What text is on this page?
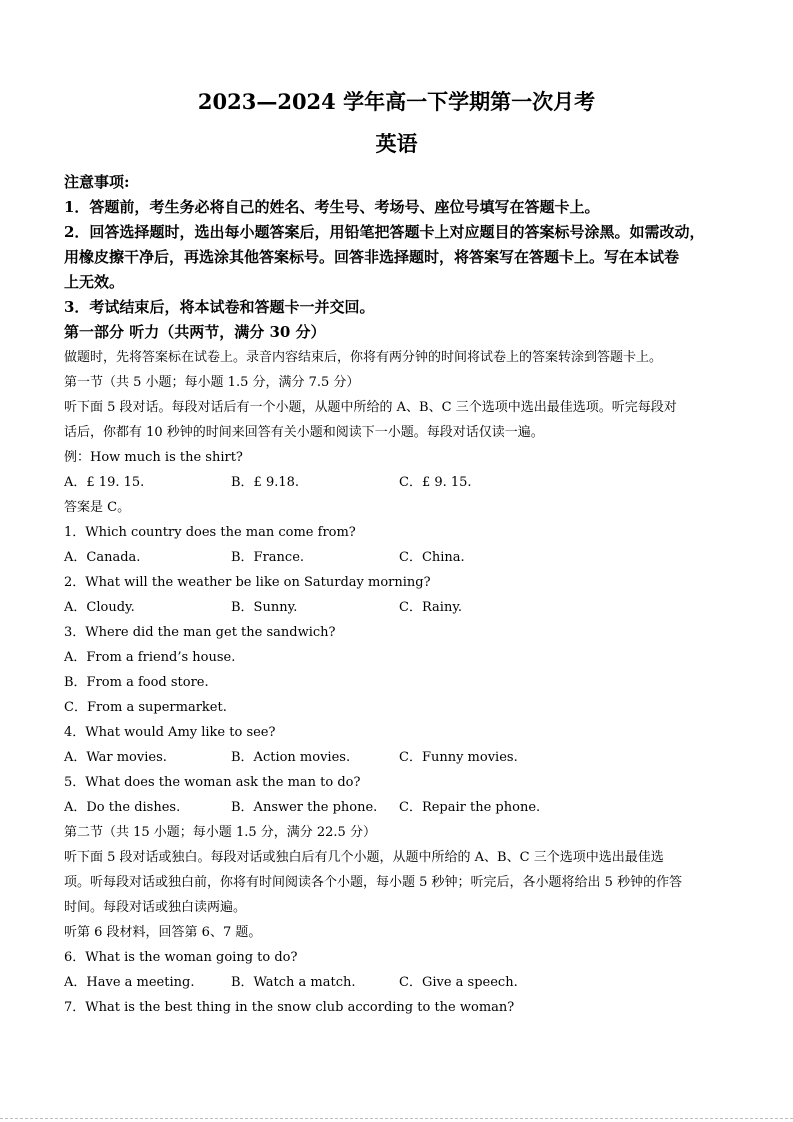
2023—2024 学年高一下学期第一次月考
英语
注意事项:
1．答题前，考生务必将自己的姓名、考生号、考场号、座位号填写在答题卡上。
2．回答选择题时，选出每小题答案后，用铅笔把答题卡上对应题目的答案标号涂黑。如需改动，
用橡皮擦干净后，再选涂其他答案标号。回答非选择题时，将答案写在答题卡上。写在本试卷
上无效。
3．考试结束后，将本试卷和答题卡一并交回。
第一部分 听力（共两节，满分 30 分）
做题时，先将答案标在试卷上。录音内容结束后，你将有两分钟的时间将试卷上的答案转涂到答题卡上。
第一节（共 5 小题；每小题 1.5 分，满分 7.5 分）
听下面 5 段对话。每段对话后有一个小题，从题中所给的 A、B、C 三个选项中选出最佳选项。听完每段对
话后，你都有 10 秒钟的时间来回答有关小题和阅读下一小题。每段对话仅读一遍。
例：How much is the shirt?
A．£ 19. 15.	B．£ 9.18.	C．£ 9. 15.
答案是 C。
1．Which country does the man come from?
A．Canada.	B．France.	C．China.
2．What will the weather be like on Saturday morning?
A．Cloudy.	B．Sunny.	C．Rainy.
3．Where did the man get the sandwich?
A．From a friend’s house.
B．From a food store.
C．From a supermarket.
4．What would Amy like to see?
A．War movies.	B．Action movies.	C．Funny movies.
5．What does the woman ask the man to do?
A．Do the dishes.	B．Answer the phone. C．Repair the phone.
第二节（共 15 小题；每小题 1.5 分，满分 22.5 分）
听下面 5 段对话或独白。每段对话或独白后有几个小题，从题中所给的 A、B、C 三个选项中选出最佳选
项。听每段对话或独白前，你将有时间阅读各个小题，每小题 5 秒钟；听完后，各小题将给出 5 秒钟的作答
时间。每段对话或独白读两遍。
听第 6 段材料，回答第 6、7 题。
6．What is the woman going to do?
A．Have a meeting.	B．Watch a match.	C．Give a speech.
7．What is the best thing in the snow club according to the woman?
